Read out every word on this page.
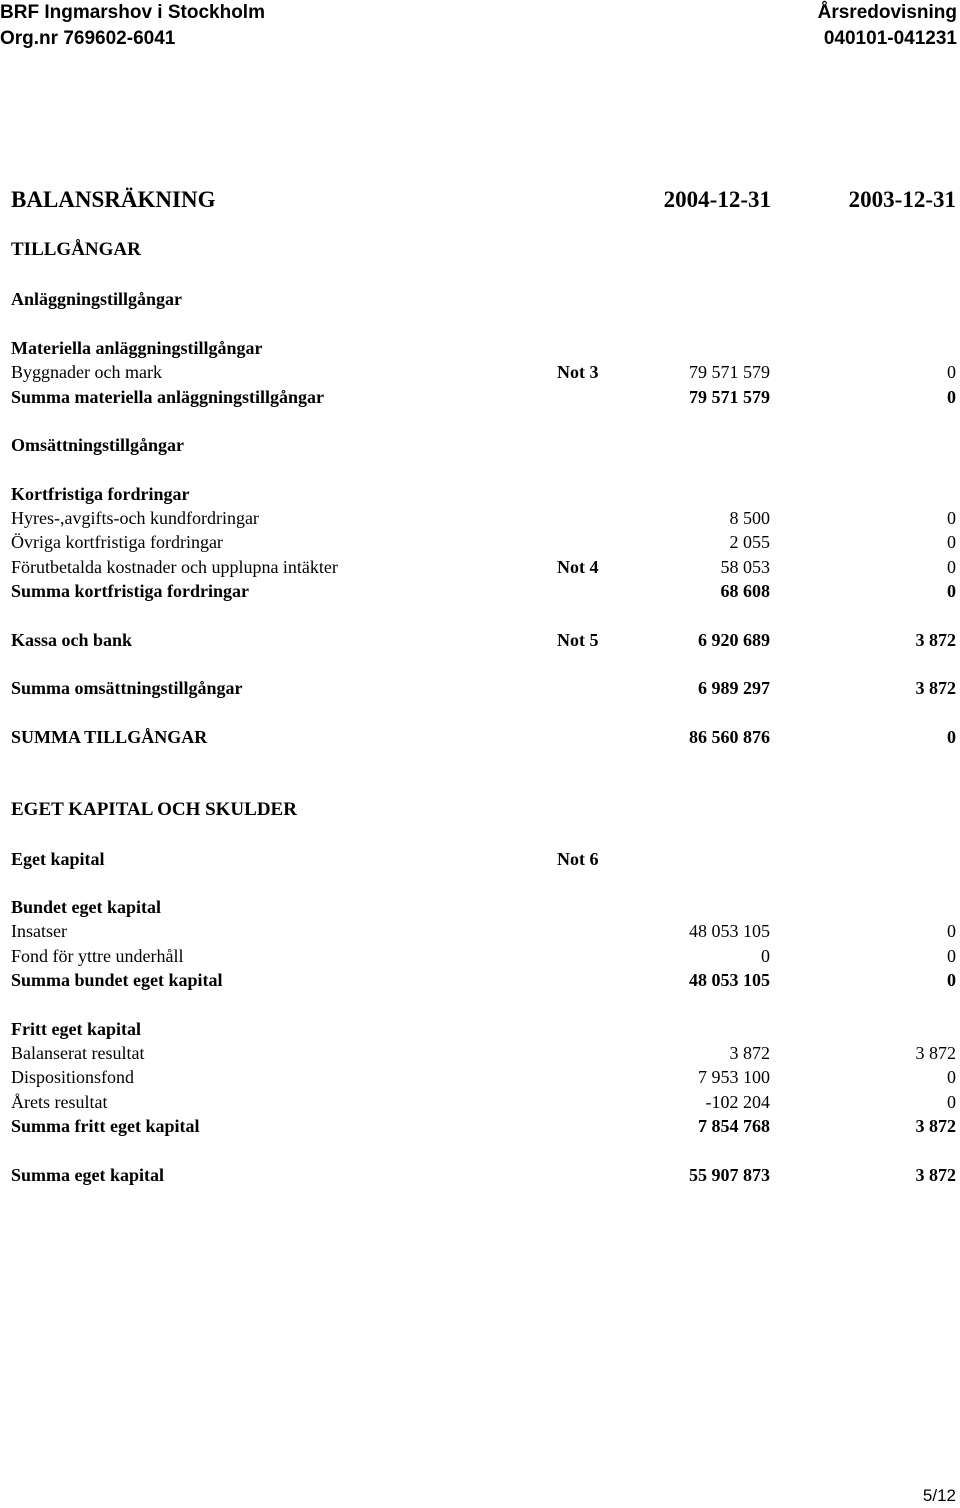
BRF Ingmarshov i Stockholm
Org.nr 769602-6041
Årsredovisning
040101-041231
BALANSRÄKNING	2004-12-31	2003-12-31
TILLGÅNGAR
Anläggningstillgångar
Materiella anläggningstillgångar
Byggnader och mark	Not 3	79 571 579	0
Summa materiella anläggningstillgångar	79 571 579	0
Omsättningstillgångar
Kortfristiga fordringar
Hyres-,avgifts-och kundfordringar	8 500	0
Övriga kortfristiga fordringar	2 055	0
Förutbetalda kostnader och upplupna intäkter	Not 4	58 053	0
Summa kortfristiga fordringar	68 608	0
Kassa och bank	Not 5	6 920 689	3 872
Summa omsättningstillgångar	6 989 297	3 872
SUMMA TILLGÅNGAR	86 560 876	0
EGET KAPITAL OCH SKULDER
Eget kapital	Not 6
Bundet eget kapital
Insatser	48 053 105	0
Fond för yttre underhåll	0	0
Summa bundet eget kapital	48 053 105	0
Fritt eget kapital
Balanserat resultat	3 872	3 872
Dispositionsfond	7 953 100	0
Årets resultat	-102 204	0
Summa fritt eget kapital	7 854 768	3 872
Summa eget kapital	55 907 873	3 872
5/12
